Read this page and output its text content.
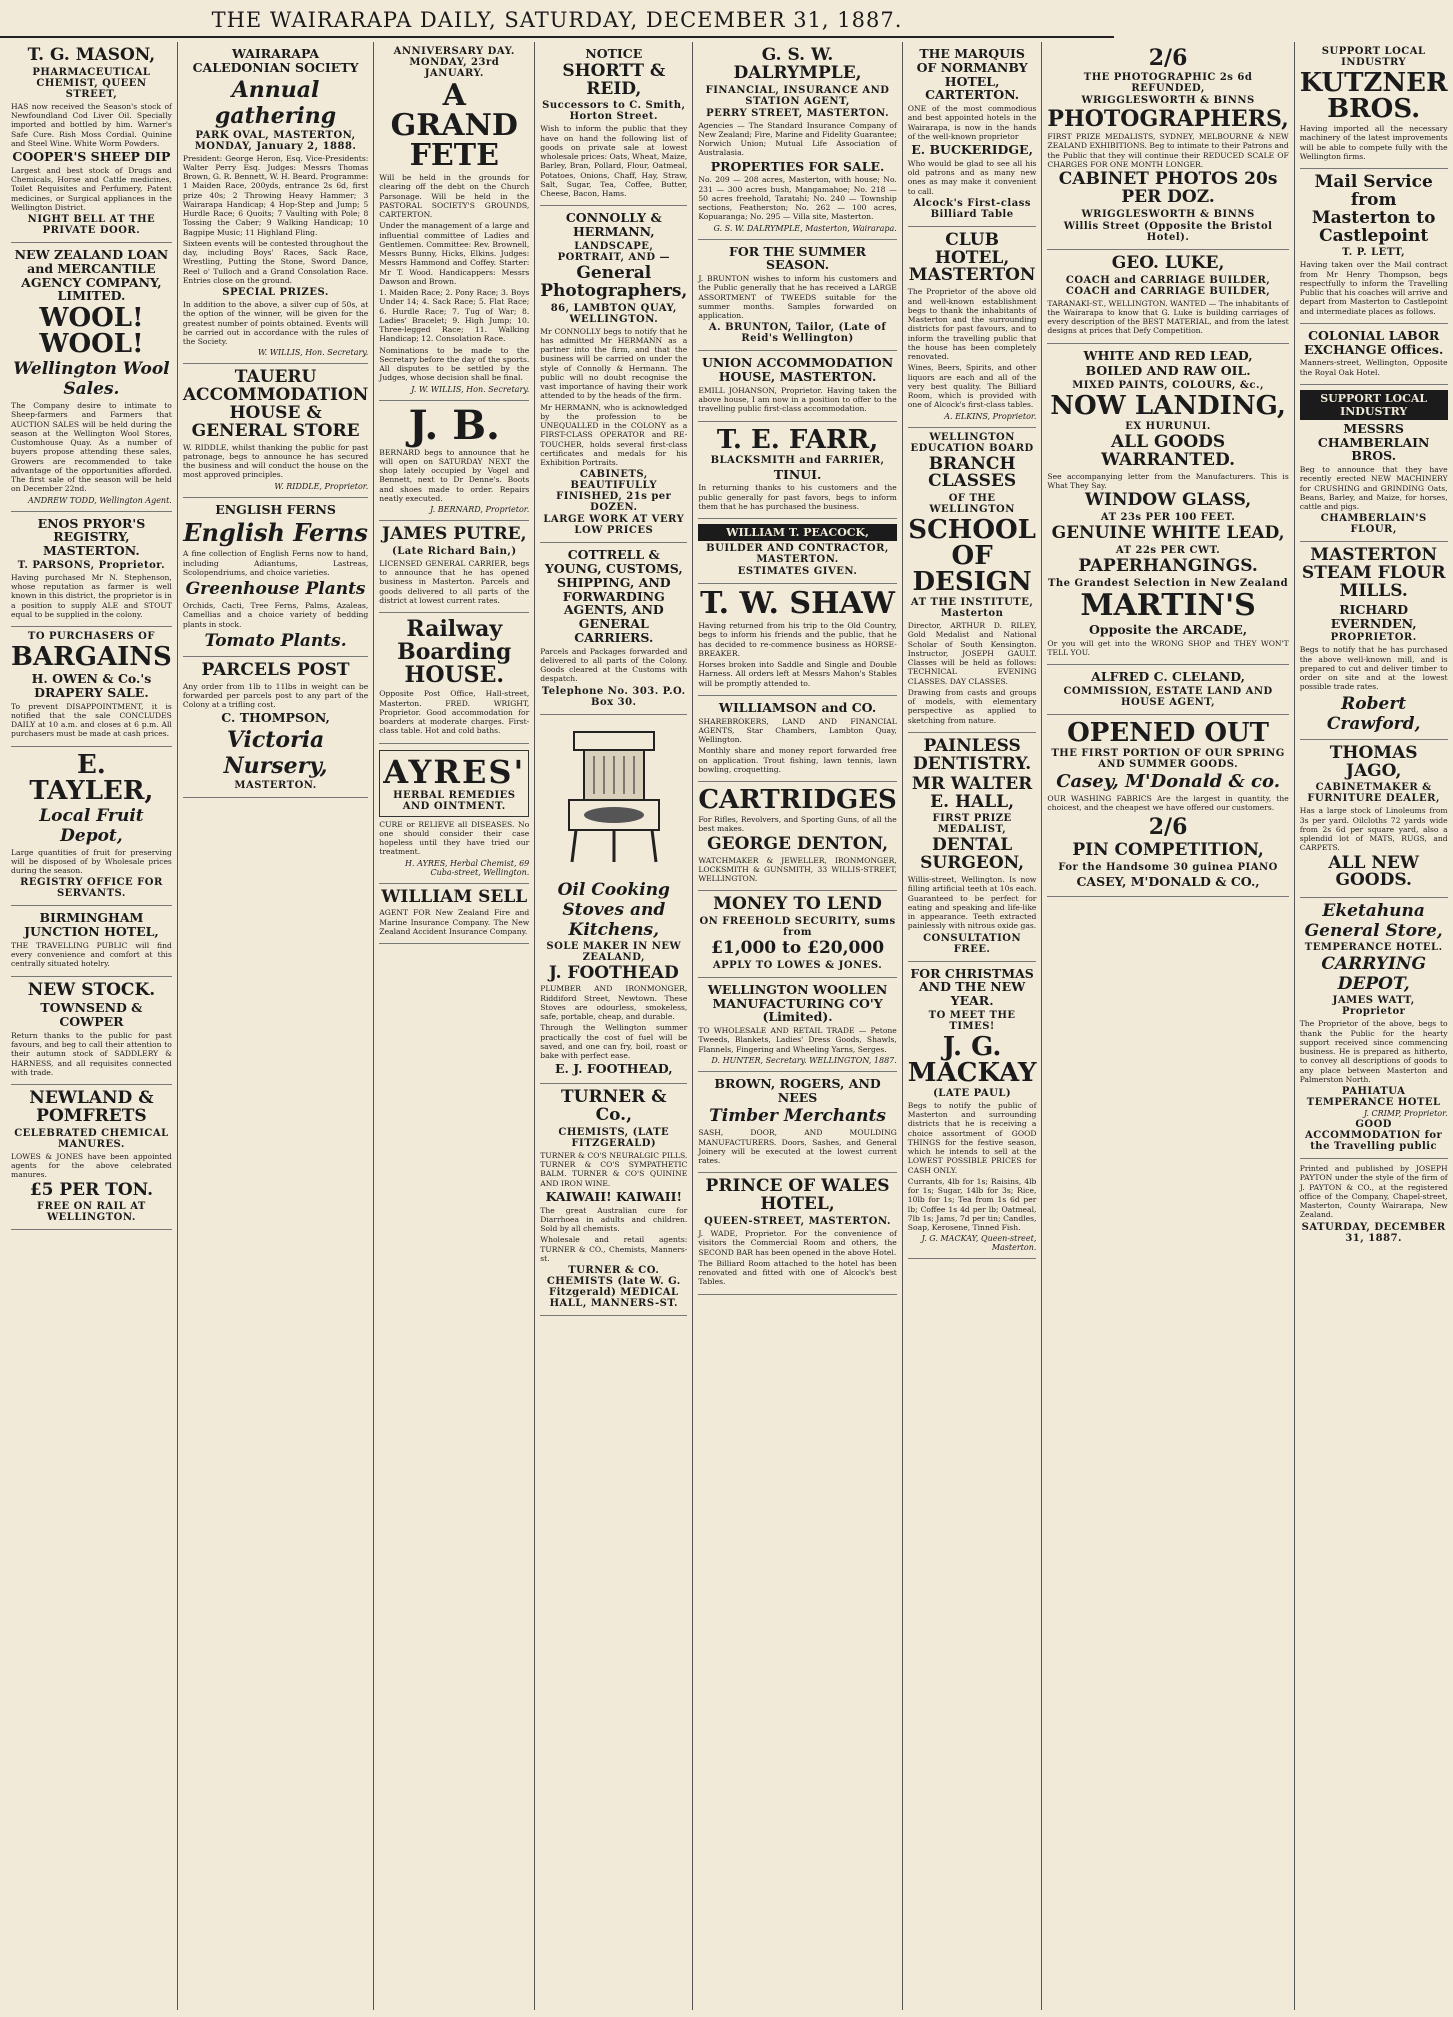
THE WAIRARAPA DAILY, SATURDAY, DECEMBER 31, 1887.
T. G. MASON,
PHARMACEUTICAL CHEMIST, QUEEN STREET,

HAS now received the Season's stock of Newfoundland Cod Liver Oil. Specially imported and bottled by him. Warner's Safe Cure. Rish Moss Cordial. Quinine and Steel Wine. White Worm Powders.

COOPER'S SHEEP DIP

Largest and best stock of Drugs and Chemicals, Horse and Cattle medicines, Toilet Requisites and Perfumery, Patent medicines, or Surgical appliances in the Wellington District.

NIGHT BELL AT THE PRIVATE DOOR.
NEW ZEALAND LOAN and MERCANTILE AGENCY COMPANY, LIMITED.
WOOL! WOOL!
Wellington Wool Sales.

The Company desire to intimate to Sheep-farmers and Farmers that AUCTION SALES will be held during the season at the Wellington Wool Stores, Customhouse Quay. As a number of buyers propose attending these sales, Growers are recommended to take advantage of the opportunities afforded. The first sale of the season will be held on December 22nd.

ANDREW TODD, Wellington Agent.
ENOS PRYOR'S REGISTRY, MASTERTON.
T. PARSONS, Proprietor.

Having purchased Mr N. Stephenson, whose reputation as farmer is well known in this district, the proprietor is in a position to supply ALE and STOUT equal to be supplied in the colony.

TO PURCHASERS OF
BARGAINS
H. OWEN & Co.'s DRAPERY SALE.

To prevent DISAPPOINTMENT, it is notified that the sale CONCLUDES DAILY at 10 a.m. and closes at 6 p.m. All purchasers must be made at cash prices.

E. TAYLER,
Local Fruit Depot,

Large quantities of fruit for preserving will be disposed of by Wholesale prices during the season.

REGISTRY OFFICE FOR SERVANTS.
BIRMINGHAM JUNCTION HOTEL,

THE TRAVELLING PUBLIC will find every convenience and comfort at this centrally situated hotelry.

NEW STOCK.
TOWNSEND & COWPER

Return thanks to the public for past favours, and beg to call their attention to their autumn stock of SADDLERY & HARNESS, and all requisites connected with trade.

NEWLAND & POMFRETS
CELEBRATED CHEMICAL MANURES.

LOWES & JONES have been appointed agents for the above celebrated manures.

£5 PER TON.
FREE ON RAIL AT WELLINGTON.
WAIRARAPA CALEDONIAN SOCIETY
Annual gathering
PARK OVAL, MASTERTON, MONDAY, January 2, 1888.

President: George Heron, Esq. Vice-Presidents: Walter Perry Esq. Judges: Messrs Thomas Brown, G. R. Bennett, W. H. Beard. Programme: 1 Maiden Race, 200yds, entrance 2s 6d, first prize 40s; 2 Throwing Heavy Hammer; 3 Wairarapa Handicap; 4 Hop-Step and Jump; 5 Hurdle Race; 6 Quoits; 7 Vaulting with Pole; 8 Tossing the Caber; 9 Walking Handicap; 10 Bagpipe Music; 11 Highland Fling.

Sixteen events will be contested throughout the day, including Boys' Races, Sack Race, Wrestling, Putting the Stone, Sword Dance, Reel o' Tulloch and a Grand Consolation Race. Entries close on the ground.

SPECIAL PRIZES.

In addition to the above, a silver cup of 50s, at the option of the winner, will be given for the greatest number of points obtained. Events will be carried out in accordance with the rules of the Society.

W. WILLIS, Hon. Secretary.
TAUERU ACCOMMODATION HOUSE & GENERAL STORE

W. RIDDLE, whilst thanking the public for past patronage, begs to announce he has secured the business and will conduct the house on the most approved principles.

W. RIDDLE, Proprietor.
ENGLISH FERNS
English Ferns

A fine collection of English Ferns now to hand, including Adiantums, Lastreas, Scolopendriums, and choice varieties.

Greenhouse Plants

Orchids, Cacti, Tree Ferns, Palms, Azaleas, Camellias and a choice variety of bedding plants in stock.

Tomato Plants.
PARCELS POST

Any order from 1lb to 11lbs in weight can be forwarded per parcels post to any part of the Colony at a trifling cost.

C. THOMPSON,
Victoria Nursery,
MASTERTON.
ANNIVERSARY DAY. MONDAY, 23rd JANUARY.
A GRAND FETE

Will be held in the grounds for clearing off the debt on the Church Parsonage. Will be held in the PASTORAL SOCIETY'S GROUNDS, CARTERTON.

Under the management of a large and influential committee of Ladies and Gentlemen. Committee: Rev. Brownell, Messrs Bunny, Hicks, Elkins. Judges: Messrs Hammond and Coffey. Starter: Mr T. Wood. Handicappers: Messrs Dawson and Brown.

1. Maiden Race; 2. Pony Race; 3. Boys Under 14; 4. Sack Race; 5. Flat Race; 6. Hurdle Race; 7. Tug of War; 8. Ladies' Bracelet; 9. High Jump; 10. Three-legged Race; 11. Walking Handicap; 12. Consolation Race.

Nominations to be made to the Secretary before the day of the sports. All disputes to be settled by the Judges, whose decision shall be final.

J. W. WILLIS, Hon. Secretary.
J. B.

BERNARD begs to announce that he will open on SATURDAY NEXT the shop lately occupied by Vogel and Bennett, next to Dr Denne's. Boots and shoes made to order. Repairs neatly executed.

J. BERNARD, Proprietor.
JAMES PUTRE,
(Late Richard Bain,)

LICENSED GENERAL CARRIER, begs to announce that he has opened business in Masterton. Parcels and goods delivered to all parts of the district at lowest current rates.

Railway Boarding HOUSE.

Opposite Post Office, Hall-street, Masterton. FRED. WRIGHT, Proprietor. Good accommodation for boarders at moderate charges. First-class table. Hot and cold baths.

AYRES'
HERBAL REMEDIES AND OINTMENT.

CURE or RELIEVE all DISEASES. No one should consider their case hopeless until they have tried our treatment.

H. AYRES, Herbal Chemist, 69 Cuba-street, Wellington.
WILLIAM SELL

AGENT FOR New Zealand Fire and Marine Insurance Company. The New Zealand Accident Insurance Company.

NOTICE
SHORTT & REID,
Successors to C. Smith, Horton Street.

Wish to inform the public that they have on hand the following list of goods on private sale at lowest wholesale prices: Oats, Wheat, Maize, Barley, Bran, Pollard, Flour, Oatmeal, Potatoes, Onions, Chaff, Hay, Straw, Salt, Sugar, Tea, Coffee, Butter, Cheese, Bacon, Hams.

CONNOLLY & HERMANN,
LANDSCAPE, PORTRAIT, AND —
General Photographers,
86, LAMBTON QUAY, WELLINGTON.

Mr CONNOLLY begs to notify that he has admitted Mr HERMANN as a partner into the firm, and that the business will be carried on under the style of Connolly & Hermann. The public will no doubt recognise the vast importance of having their work attended to by the heads of the firm.

Mr HERMANN, who is acknowledged by the profession to be UNEQUALLED in the COLONY as a FIRST-CLASS OPERATOR and RE-TOUCHER, holds several first-class certificates and medals for his Exhibition Portraits.

CABINETS, BEAUTIFULLY FINISHED, 21s per DOZEN.
LARGE WORK AT VERY LOW PRICES
COTTRELL & YOUNG, CUSTOMS, SHIPPING, AND FORWARDING AGENTS, AND GENERAL CARRIERS.

Parcels and Packages forwarded and delivered to all parts of the Colony. Goods cleared at the Customs with despatch.

Telephone No. 303. P.O. Box 30.
Oil Cooking Stoves and Kitchens,
SOLE MAKER IN NEW ZEALAND,
J. FOOTHEAD

PLUMBER AND IRONMONGER, Riddiford Street, Newtown. These Stoves are odourless, smokeless, safe, portable, cheap, and durable.

Through the Wellington summer practically the cost of fuel will be saved, and one can fry, boil, roast or bake with perfect ease.

E. J. FOOTHEAD,
TURNER & Co.,
CHEMISTS, (LATE FITZGERALD)

TURNER & CO'S NEURALGIC PILLS. TURNER & CO'S SYMPATHETIC BALM. TURNER & CO'S QUININE AND IRON WINE.

KAIWAII! KAIWAII!

The great Australian cure for Diarrhoea in adults and children. Sold by all chemists.

Wholesale and retail agents: TURNER & CO., Chemists, Manners-st.

TURNER & CO. CHEMISTS (late W. G. Fitzgerald) MEDICAL HALL, MANNERS-ST.
G. S. W. DALRYMPLE,
FINANCIAL, INSURANCE AND STATION AGENT,
PERRY STREET, MASTERTON.

Agencies — The Standard Insurance Company of New Zealand; Fire, Marine and Fidelity Guarantee; Norwich Union; Mutual Life Association of Australasia.

PROPERTIES FOR SALE.

No. 209 — 208 acres, Masterton, with house; No. 231 — 300 acres bush, Mangamahoe; No. 218 — 50 acres freehold, Taratahi; No. 240 — Township sections, Featherston; No. 262 — 100 acres, Kopuaranga; No. 295 — Villa site, Masterton.

G. S. W. DALRYMPLE, Masterton, Wairarapa.
FOR THE SUMMER SEASON.

J. BRUNTON wishes to inform his customers and the Public generally that he has received a LARGE ASSORTMENT of TWEEDS suitable for the summer months. Samples forwarded on application.

A. BRUNTON, Tailor, (Late of Reid's Wellington)
UNION ACCOMMODATION HOUSE, MASTERTON.

EMILL JOHANSON, Proprietor. Having taken the above house, I am now in a position to offer to the travelling public first-class accommodation.

T. E. FARR,
BLACKSMITH and FARRIER,
TINUI.

In returning thanks to his customers and the public generally for past favors, begs to inform them that he has purchased the business.

WILLIAM T. PEACOCK,
BUILDER AND CONTRACTOR, MASTERTON.
ESTIMATES GIVEN.
T. W. SHAW

Having returned from his trip to the Old Country, begs to inform his friends and the public, that he has decided to re-commence business as HORSE-BREAKER.

Horses broken into Saddle and Single and Double Harness. All orders left at Messrs Mahon's Stables will be promptly attended to.

WILLIAMSON and CO.

SHAREBROKERS, LAND AND FINANCIAL AGENTS, Star Chambers, Lambton Quay, Wellington.

Monthly share and money report forwarded free on application. Trout fishing, lawn tennis, lawn bowling, croquetting.

CARTRIDGES

For Rifles, Revolvers, and Sporting Guns, of all the best makes.

GEORGE DENTON,

WATCHMAKER & JEWELLER, IRONMONGER, LOCKSMITH & GUNSMITH, 33 WILLIS-STREET, WELLINGTON.

MONEY TO LEND
ON FREEHOLD SECURITY, sums from
£1,000 to £20,000
APPLY TO LOWES & JONES.
WELLINGTON WOOLLEN MANUFACTURING CO'Y (Limited).

TO WHOLESALE AND RETAIL TRADE — Petone Tweeds, Blankets, Ladies' Dress Goods, Shawls, Flannels, Fingering and Wheeling Yarns, Serges.

D. HUNTER, Secretary. WELLINGTON, 1887.
BROWN, ROGERS, AND NEES
Timber Merchants

SASH, DOOR, AND MOULDING MANUFACTURERS. Doors, Sashes, and General Joinery will be executed at the lowest current rates.

PRINCE OF WALES HOTEL,
QUEEN-STREET, MASTERTON.

J. WADE, Proprietor. For the convenience of visitors the Commercial Room and others, the SECOND BAR has been opened in the above Hotel.

The Billiard Room attached to the hotel has been renovated and fitted with one of Alcock's best Tables.

THE MARQUIS OF NORMANBY HOTEL, CARTERTON.

ONE of the most commodious and best appointed hotels in the Wairarapa, is now in the hands of the well-known proprietor

E. BUCKERIDGE,

Who would be glad to see all his old patrons and as many new ones as may make it convenient to call.

Alcock's First-class Billiard Table
CLUB HOTEL, MASTERTON

The Proprietor of the above old and well-known establishment begs to thank the inhabitants of Masterton and the surrounding districts for past favours, and to inform the travelling public that the house has been completely renovated.

Wines, Beers, Spirits, and other liquors are each and all of the very best quality. The Billiard Room, which is provided with one of Alcock's first-class tables.

A. ELKINS, Proprietor.
WELLINGTON EDUCATION BOARD
BRANCH CLASSES
OF THE WELLINGTON
SCHOOL OF DESIGN
AT THE INSTITUTE, Masterton

Director, ARTHUR D. RILEY, Gold Medalist and National Scholar of South Kensington. Instructor, JOSEPH GAULT. Classes will be held as follows: TECHNICAL EVENING CLASSES. DAY CLASSES.

Drawing from casts and groups of models, with elementary perspective as applied to sketching from nature.

PAINLESS DENTISTRY.
MR WALTER E. HALL,
FIRST PRIZE MEDALIST,
DENTAL SURGEON,

Willis-street, Wellington. Is now filling artificial teeth at 10s each. Guaranteed to be perfect for eating and speaking and life-like in appearance. Teeth extracted painlessly with nitrous oxide gas.

CONSULTATION FREE.
FOR CHRISTMAS AND THE NEW YEAR.
TO MEET THE TIMES!
J. G. MACKAY
(LATE PAUL)

Begs to notify the public of Masterton and surrounding districts that he is receiving a choice assortment of GOOD THINGS for the festive season, which he intends to sell at the LOWEST POSSIBLE PRICES for CASH ONLY.

Currants, 4lb for 1s; Raisins, 4lb for 1s; Sugar, 14lb for 3s; Rice, 10lb for 1s; Tea from 1s 6d per lb; Coffee 1s 4d per lb; Oatmeal, 7lb 1s; Jams, 7d per tin; Candles, Soap, Kerosene, Tinned Fish.

J. G. MACKAY, Queen-street, Masterton.
2/6
THE PHOTOGRAPHIC 2s 6d REFUNDED,
WRIGGLESWORTH & BINNS
PHOTOGRAPHERS,

FIRST PRIZE MEDALISTS, SYDNEY, MELBOURNE & NEW ZEALAND EXHIBITIONS. Beg to intimate to their Patrons and the Public that they will continue their REDUCED SCALE OF CHARGES FOR ONE MONTH LONGER.

CABINET PHOTOS 20s PER DOZ.
WRIGGLESWORTH & BINNS
Willis Street (Opposite the Bristol Hotel).
GEO. LUKE,
COACH and CARRIAGE BUILDER, COACH and CARRIAGE BUILDER,

TARANAKI-ST., WELLINGTON. WANTED — The inhabitants of the Wairarapa to know that G. Luke is building carriages of every description of the BEST MATERIAL, and from the latest designs at prices that Defy Competition.

WHITE AND RED LEAD,
BOILED AND RAW OIL.
MIXED PAINTS, COLOURS, &c.,
NOW LANDING,
EX HURUNUI.
ALL GOODS WARRANTED.

See accompanying letter from the Manufacturers. This is What They Say.

WINDOW GLASS,
AT 23s PER 100 FEET.
GENUINE WHITE LEAD,
AT 22s PER CWT.
PAPERHANGINGS.
The Grandest Selection in New Zealand
MARTIN'S
Opposite the ARCADE,

Or you will get into the WRONG SHOP and THEY WON'T TELL YOU.

ALFRED C. CLELAND,
COMMISSION, ESTATE LAND AND HOUSE AGENT,
OPENED OUT
THE FIRST PORTION OF OUR SPRING AND SUMMER GOODS.
Casey, M'Donald & co.

OUR WASHING FABRICS Are the largest in quantity, the choicest, and the cheapest we have offered our customers.

2/6
PIN COMPETITION,
For the Handsome 30 guinea PIANO
CASEY, M'DONALD & CO.,
SUPPORT LOCAL INDUSTRY
KUTZNER BROS.

Having imported all the necessary machinery of the latest improvements will be able to compete fully with the Wellington firms.

Mail Service from Masterton to Castlepoint
T. P. LETT,

Having taken over the Mail contract from Mr Henry Thompson, begs respectfully to inform the Travelling Public that his coaches will arrive and depart from Masterton to Castlepoint and intermediate places as follows.

COLONIAL LABOR EXCHANGE Offices.

Manners-street, Wellington, Opposite the Royal Oak Hotel.

SUPPORT LOCAL INDUSTRY
MESSRS CHAMBERLAIN BROS.

Beg to announce that they have recently erected NEW MACHINERY for CRUSHING and GRINDING Oats, Beans, Barley, and Maize, for horses, cattle and pigs.

CHAMBERLAIN'S FLOUR,
MASTERTON STEAM FLOUR MILLS.
RICHARD EVERNDEN,
PROPRIETOR.

Begs to notify that he has purchased the above well-known mill, and is prepared to cut and deliver timber to order on site and at the lowest possible trade rates.

Robert Crawford,
THOMAS JAGO,
CABINETMAKER & FURNITURE DEALER,

Has a large stock of Linoleums from 3s per yard. Oilcloths 72 yards wide from 2s 6d per square yard, also a splendid lot of MATS, RUGS, and CARPETS.

ALL NEW GOODS.
Eketahuna General Store,
TEMPERANCE HOTEL.
CARRYING DEPOT,
JAMES WATT, Proprietor

The Proprietor of the above, begs to thank the Public for the hearty support received since commencing business. He is prepared as hitherto, to convey all descriptions of goods to any place between Masterton and Palmerston North.

PAHIATUA TEMPERANCE HOTEL
J. CRIMP, Proprietor.
GOOD ACCOMMODATION for the Travelling public

Printed and published by JOSEPH PAYTON under the style of the firm of J. PAYTON & CO., at the registered office of the Company, Chapel-street, Masterton, County Wairarapa, New Zealand.

SATURDAY, DECEMBER 31, 1887.
